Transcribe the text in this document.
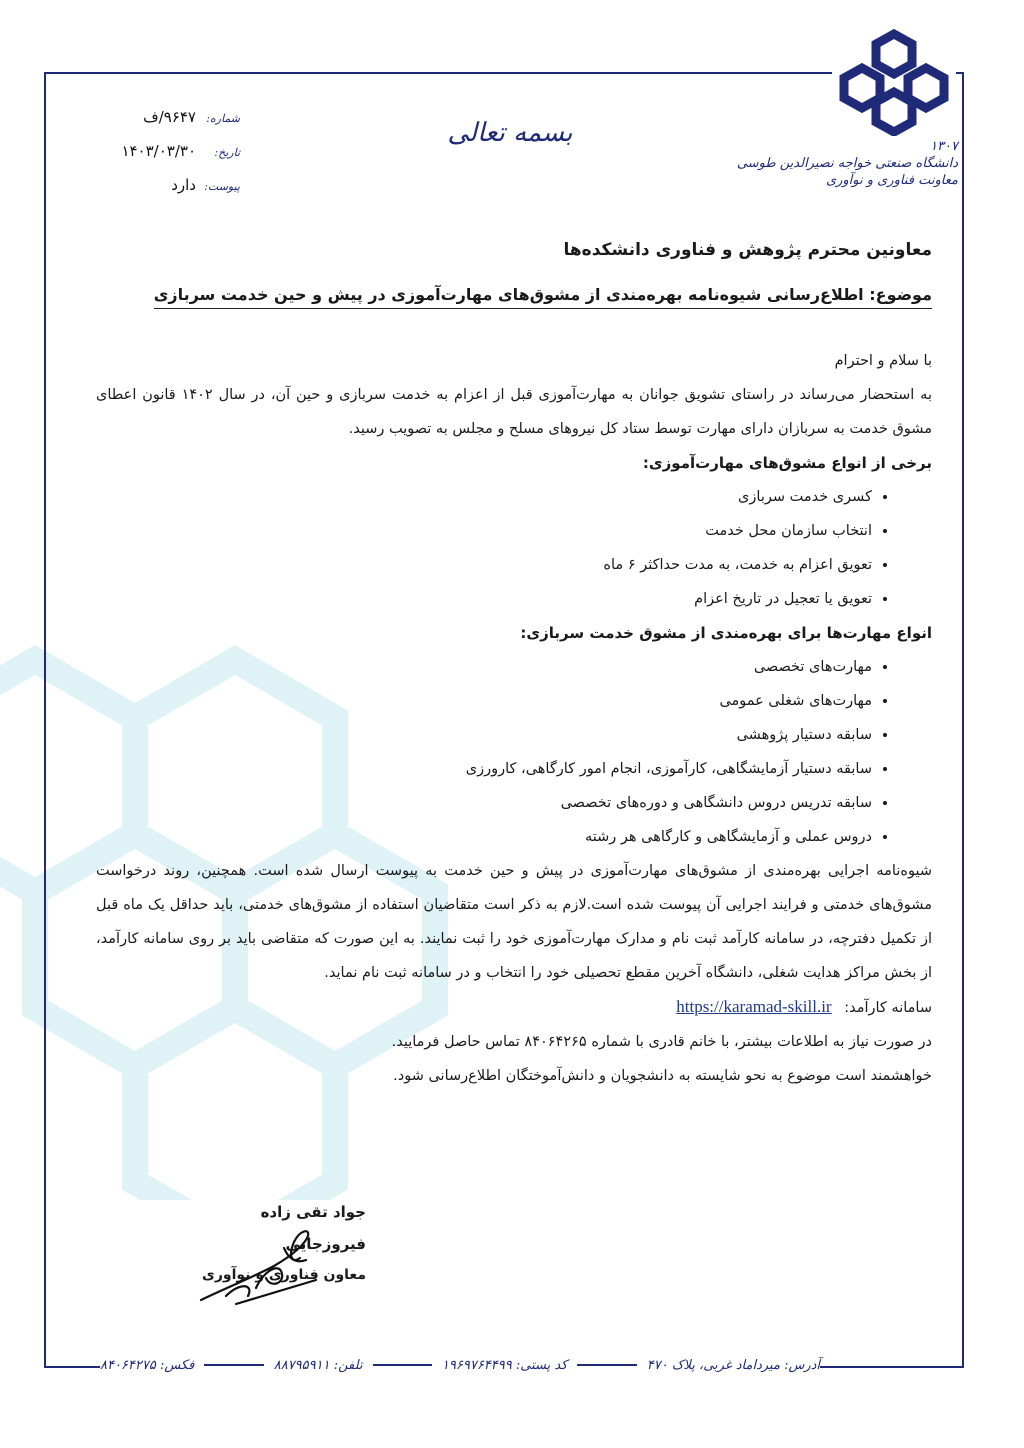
۱۳۰۷
دانشگاه صنعتی خواجه نصیرالدین طوسی
معاونت فناوری و نوآوری
بسمه تعالی
شماره:
۹۶۴۷/ف
تاریخ:
۱۴۰۳/۰۳/۳۰
پیوست:
دارد
معاونین محترم پژوهش و فناوری دانشکده‌ها
موضوع: اطلاع‌رسانی شیوه‌نامه بهره‌مندی از مشوق‌های مهارت‌آموزی در پیش و حین خدمت سربازی

با سلام و احترام

به استحضار می‌رساند در راستای تشویق جوانان به مهارت‌آموزی قبل از اعزام به خدمت سربازی و حین آن، در سال ۱۴۰۲ قانون اعطای مشوق خدمت به سربازان دارای مهارت توسط ستاد کل نیروهای مسلح و مجلس به تصویب رسید.

برخی از انواع مشوق‌های مهارت‌آموزی:
• کسری خدمت سربازی
• انتخاب سازمان محل خدمت
• تعویق اعزام به خدمت، به مدت حداکثر ۶ ماه
• تعویق یا تعجیل در تاریخ اعزام
انواع مهارت‌ها برای بهره‌مندی از مشوق خدمت سربازی:
• مهارت‌های تخصصی
• مهارت‌های شغلی عمومی
• سابقه دستیار پژوهشی
• سابقه دستیار آزمایشگاهی، کارآموزی، انجام امور کارگاهی، کارورزی
• سابقه تدریس دروس دانشگاهی و دوره‌های تخصصی
• دروس عملی و آزمایشگاهی و کارگاهی هر رشته

شیوه‌نامه اجرایی بهره‌مندی از مشوق‌های مهارت‌آموزی در پیش و حین خدمت به پیوست ارسال شده است. همچنین، روند درخواست مشوق‌های خدمتی و فرایند اجرایی آن پیوست شده است.لازم به ذکر است متقاضیان استفاده از مشوق‌های خدمتی، باید حداقل یک ماه قبل از تکمیل دفترچه، در سامانه کارآمد ثبت نام و مدارک مهارت‌آموزی خود را ثبت نمایند. به این صورت که متقاضی باید بر روی سامانه کارآمد، از بخش مراکز هدایت شغلی، دانشگاه آخرین مقطع تحصیلی خود را انتخاب و در سامانه ثبت نام نماید.

سامانه کارآمد: https://karamad-skill.ir

در صورت نیاز به اطلاعات بیشتر، با خانم قادری با شماره ۸۴۰۶۴۲۶۵ تماس حاصل فرمایید.

خواهشمند است موضوع به نحو شایسته به دانشجویان و دانش‌آموختگان اطلاع‌رسانی شود.

جواد تقی زاده فیروزجایی
معاون فناوری و نوآوری
آدرس: میرداماد غربی، پلاک ۴۷۰
کد پستی: ۱۹۶۹۷۶۴۴۹۹
تلفن: ۸۸۷۹۵۹۱۱
فکس: ۸۴۰۶۴۲۷۵
